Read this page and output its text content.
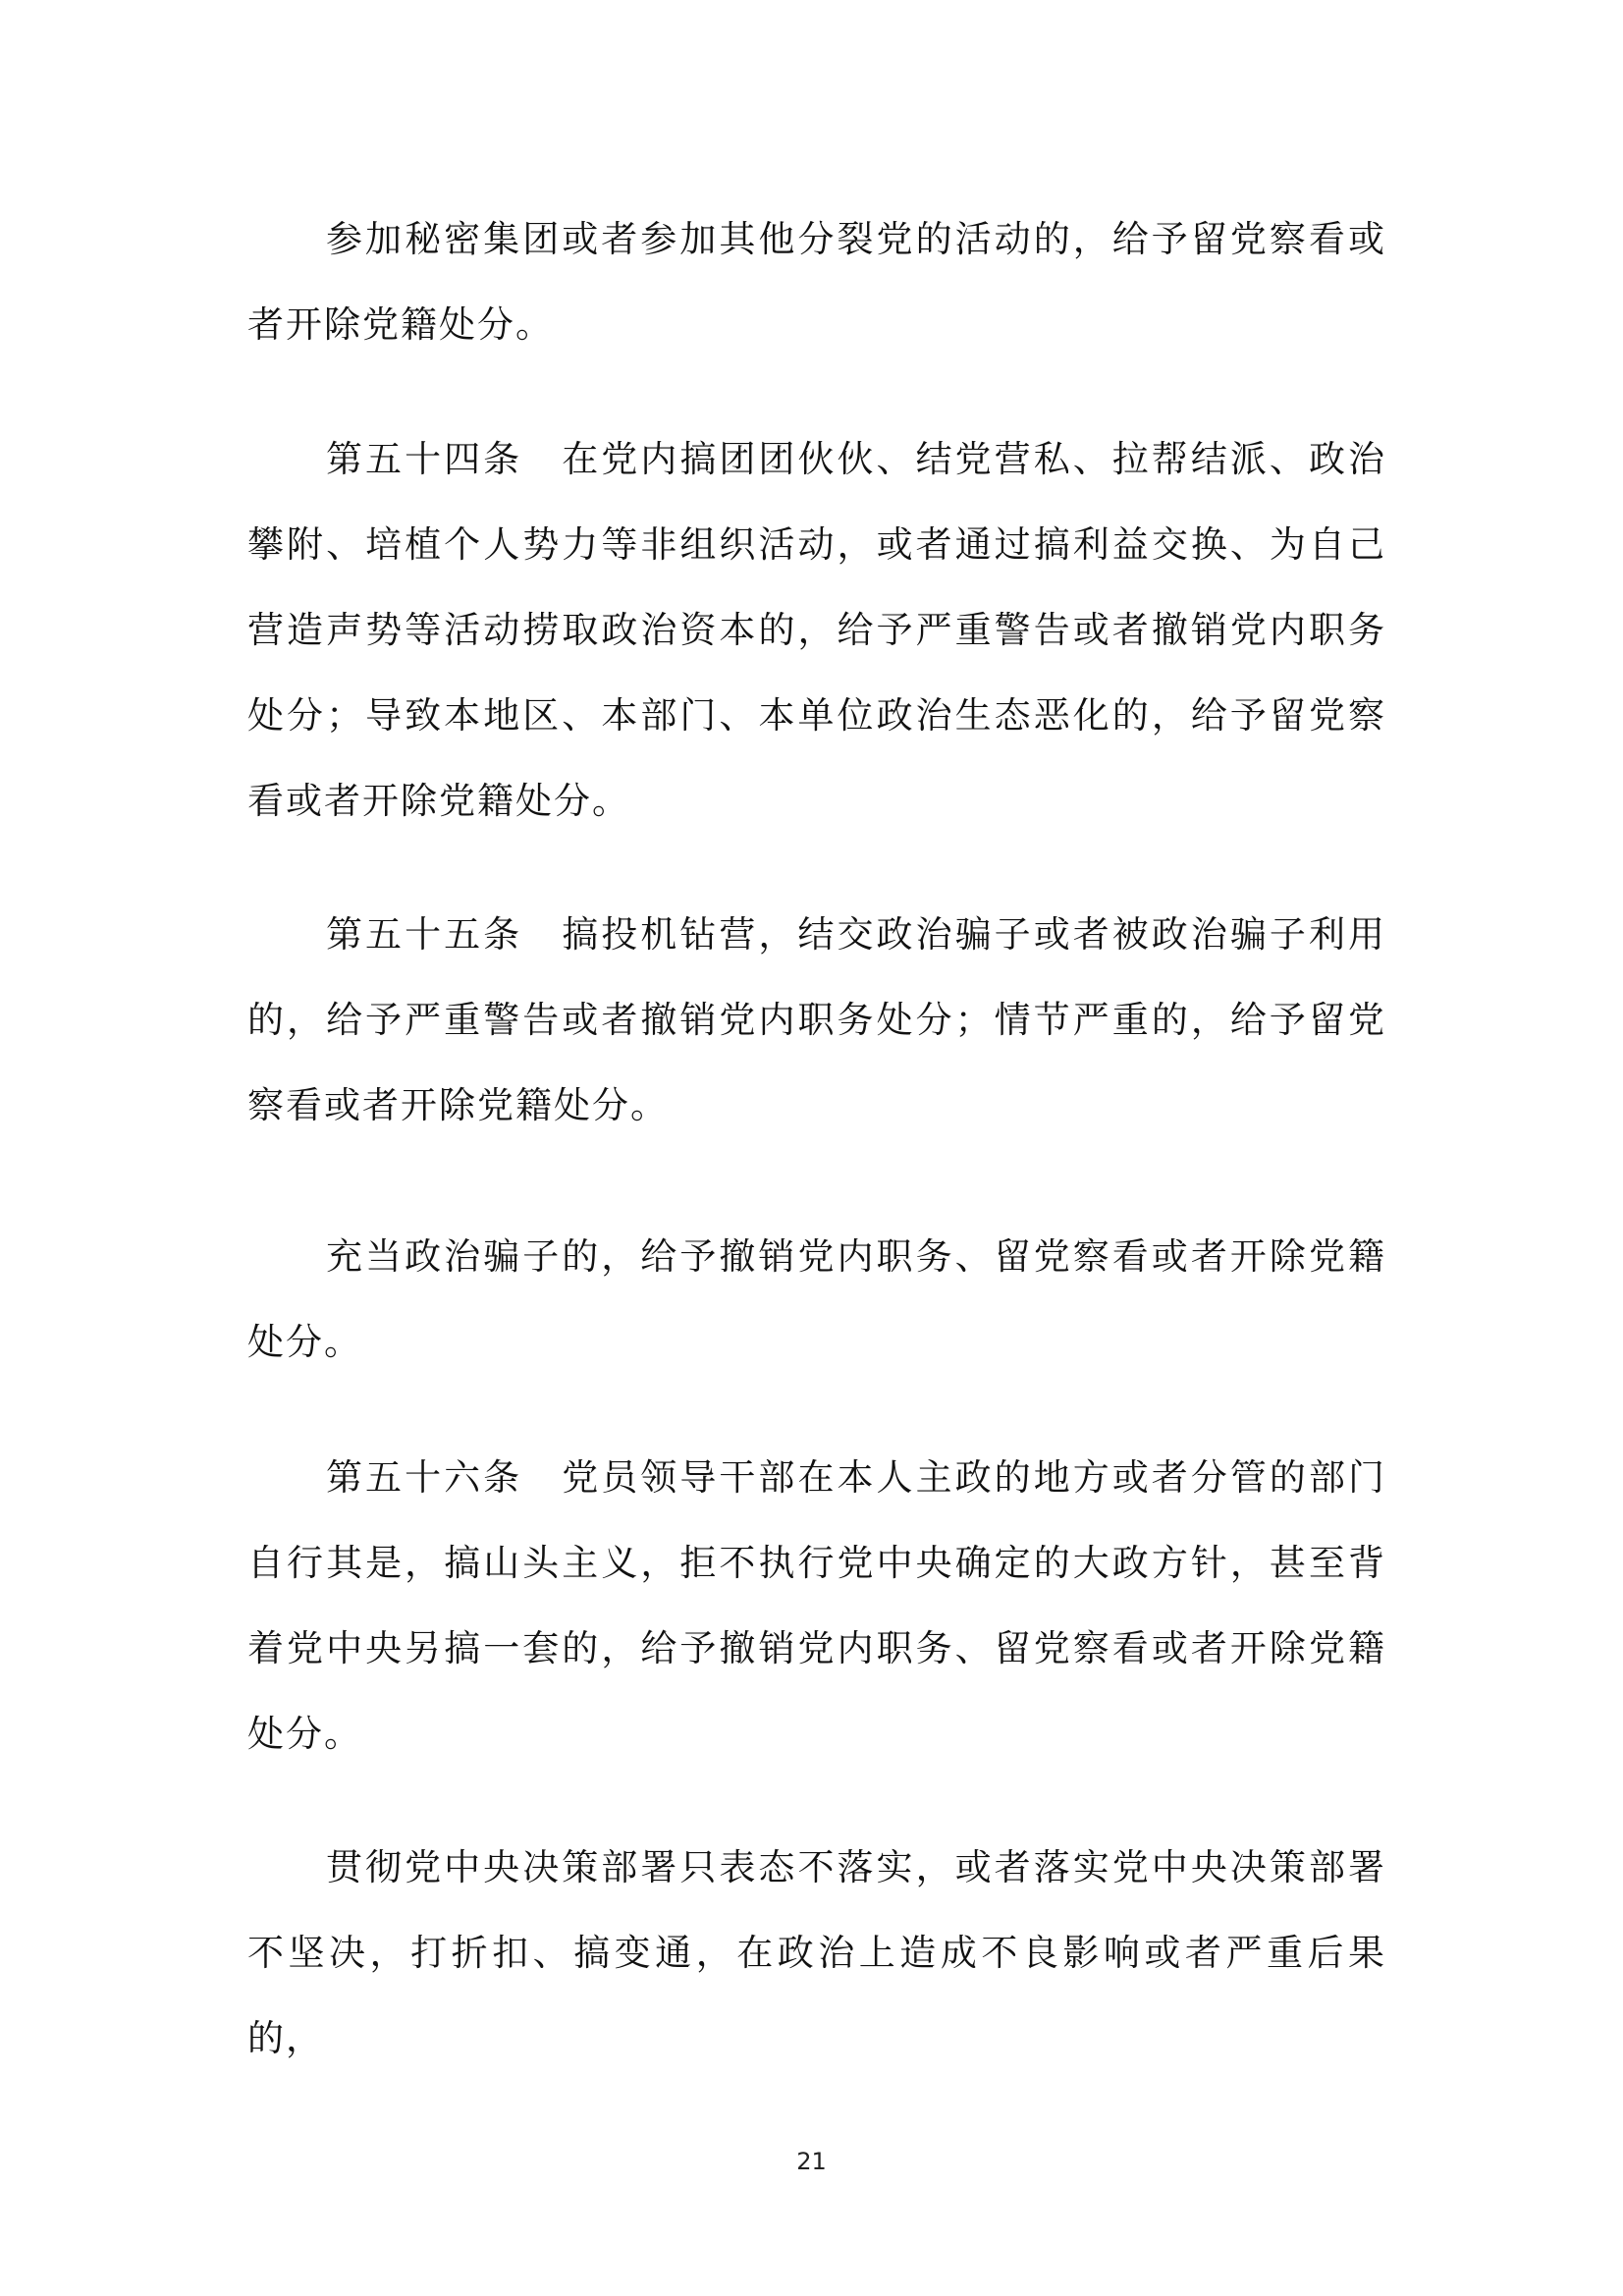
参加秘密集团或者参加其他分裂党的活动的，给予留党察看或者开除党籍处分。

第五十四条　在党内搞团团伙伙、结党营私、拉帮结派、政治攀附、培植个人势力等非组织活动，或者通过搞利益交换、为自己营造声势等活动捞取政治资本的，给予严重警告或者撤销党内职务处分；导致本地区、本部门、本单位政治生态恶化的，给予留党察看或者开除党籍处分。

第五十五条　搞投机钻营，结交政治骗子或者被政治骗子利用的，给予严重警告或者撤销党内职务处分；情节严重的，给予留党察看或者开除党籍处分。

充当政治骗子的，给予撤销党内职务、留党察看或者开除党籍处分。

第五十六条　党员领导干部在本人主政的地方或者分管的部门自行其是，搞山头主义，拒不执行党中央确定的大政方针，甚至背着党中央另搞一套的，给予撤销党内职务、留党察看或者开除党籍处分。

贯彻党中央决策部署只表态不落实，或者落实党中央决策部署不坚决，打折扣、搞变通，在政治上造成不良影响或者严重后果的，

21
